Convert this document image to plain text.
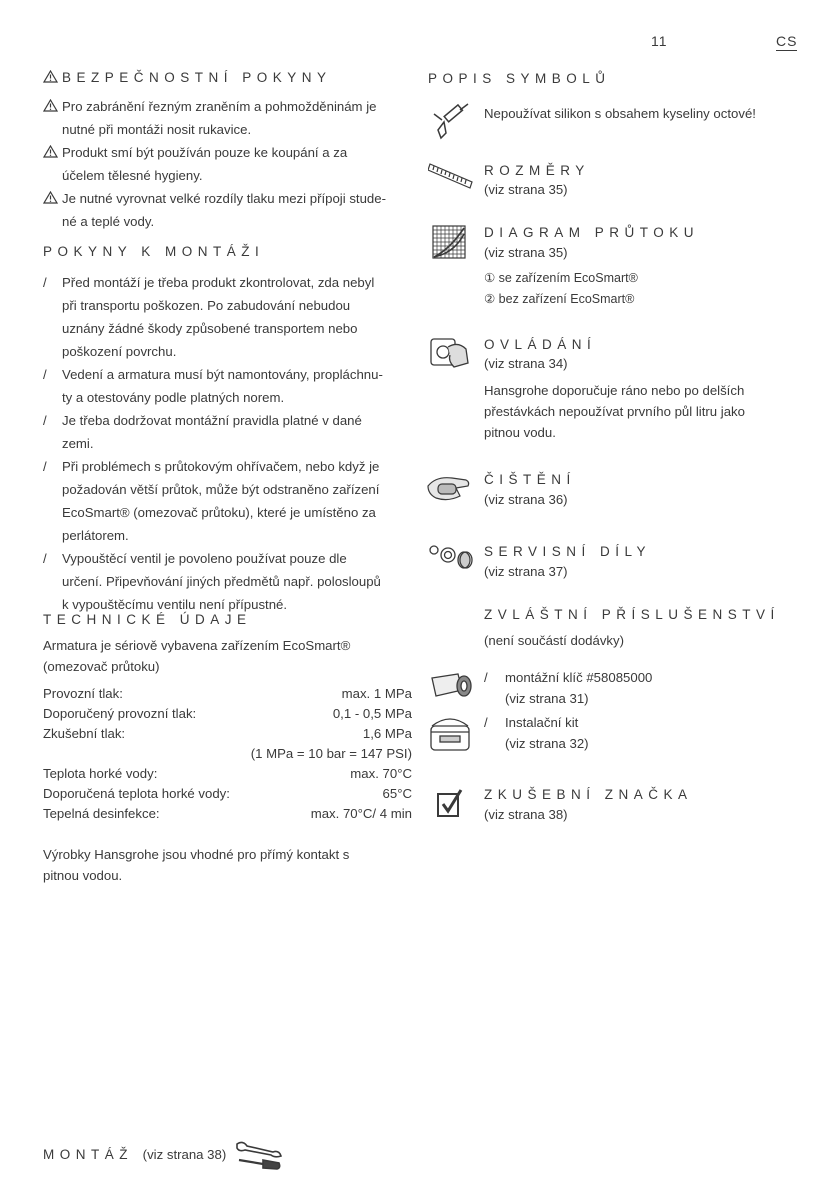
11	CS
BEZPEČNOSTNÍ POKYNY
Pro zabránění řezným zraněním a pohmožděninám je
nutné při montáži nosit rukavice.
Produkt smí být používán pouze ke koupání a za
účelem tělesné hygieny.
Je nutné vyrovnat velké rozdíly tlaku mezi přípoji stude-
né a teplé vody.
POKYNY K MONTÁŽI
/ Před montáží je třeba produkt zkontrolovat, zda nebyl
při transportu poškozen. Po zabudování nebudou
uznány žádné škody způsobené transportem nebo
poškození povrchu.
/ Vedení a armatura musí být namontovány, propláchnu-
ty a otestovány podle platných norem.
/ Je třeba dodržovat montážní pravidla platné v dané
zemi.
/ Při problémech s průtokovým ohřívačem, nebo když je
požadován větší průtok, může být odstraněno zařízení
EcoSmart® (omezovač průtoku), které je umístěno za
perlátorem.
/ Vypouštěcí ventil je povoleno používat pouze dle
určení. Připevňování jiných předmětů např. polosloupů
k vypouštěcímu ventilu není přípustné.
TECHNICKÉ ÚDAJE
Armatura je sériově vybavena zařízením EcoSmart®
(omezovač průtoku)
Provozní tlak:	max. 1 MPa
Doporučený provozní tlak:	0,1 - 0,5 MPa
Zkušební tlak:	1,6 MPa
(1 MPa = 10 bar = 147 PSI)
Teplota horké vody:	max. 70°C
Doporučená teplota horké vody:	65°C
Tepelná desinfekce:	max. 70°C/ 4 min
Výrobky Hansgrohe jsou vhodné pro přímý kontakt s
pitnou vodou.
POPIS SYMBOLŮ
Nepoužívat silikon s obsahem kyseliny octové!
ROZMĚRY
(viz strana 35)
DIAGRAM PRŮTOKU
(viz strana 35)
① se zařízením EcoSmart®
② bez zařízení EcoSmart®
OVLÁDÁNÍ
(viz strana 34)
Hansgrohe doporučuje ráno nebo po delších
přestávkách nepoužívat prvního půl litru jako
pitnou vodu.
ČIŠTĚNÍ
(viz strana 36)
SERVISNÍ DÍLY
(viz strana 37)
ZVLÁŠTNÍ PŘÍSLUŠENSTVÍ
(není součástí dodávky)
/	montážní klíč #58085000
(viz strana 31)
/	Instalační kit
(viz strana 32)
ZKUŠEBNÍ ZNAČKA
(viz strana 38)
MONTÁŽ (viz strana 38)
